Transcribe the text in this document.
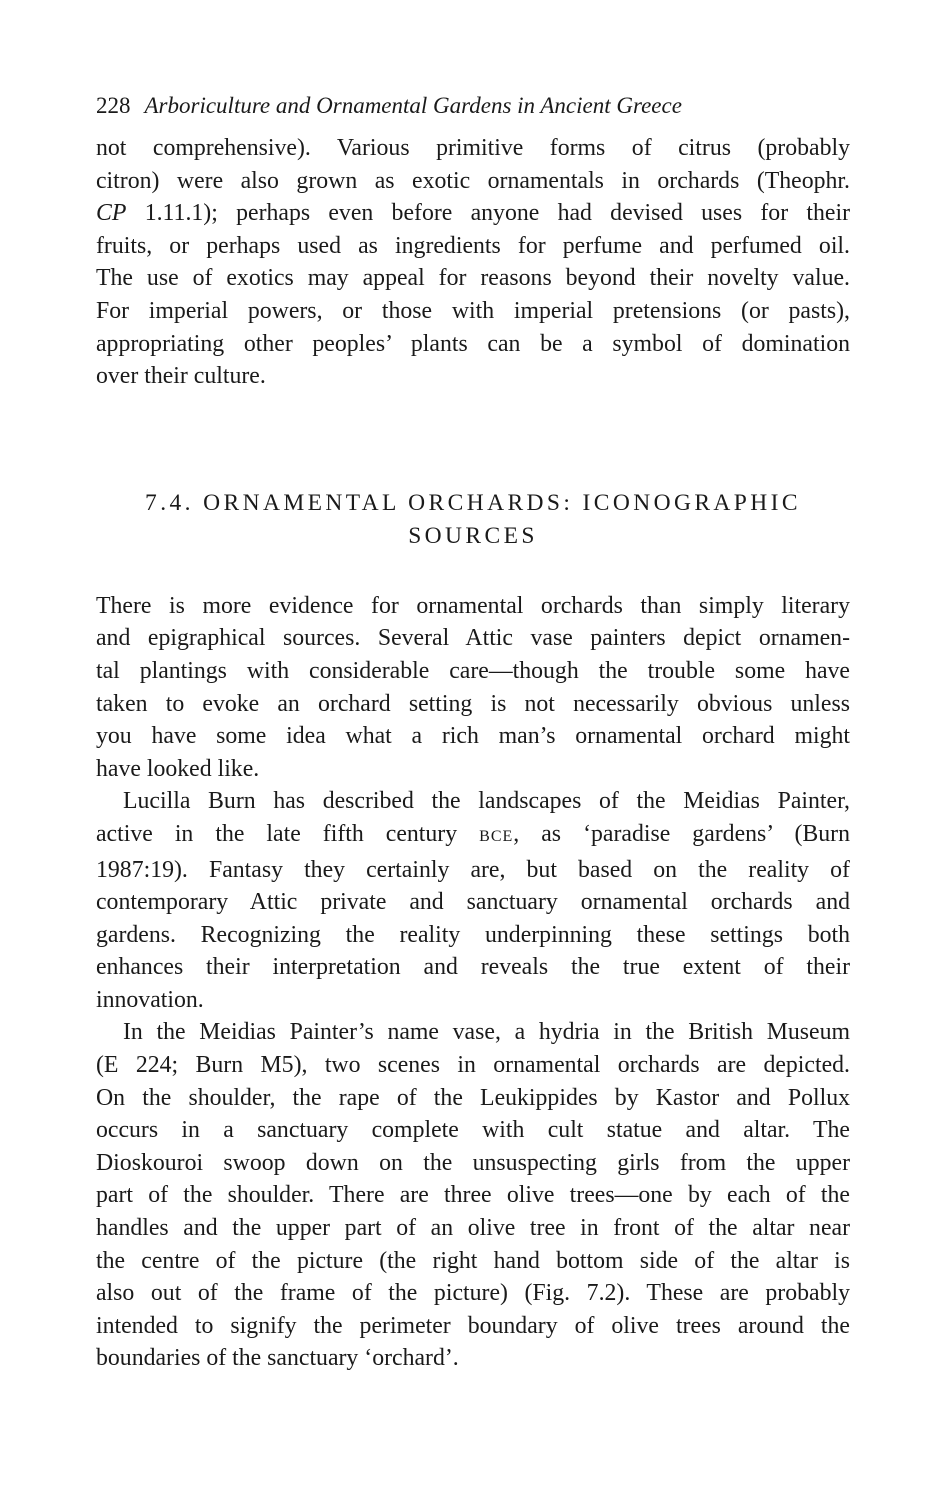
228 Arboriculture and Ornamental Gardens in Ancient Greece
not comprehensive). Various primitive forms of citrus (probably
citron) were also grown as exotic ornamentals in orchards (Theophr.
CP 1.11.1); perhaps even before anyone had devised uses for their
fruits, or perhaps used as ingredients for perfume and perfumed oil.
The use of exotics may appeal for reasons beyond their novelty value.
For imperial powers, or those with imperial pretensions (or pasts),
appropriating other peoples’ plants can be a symbol of domination
over their culture.
7.4. ORNAMENTAL ORCHARDS: ICONOGRAPHIC
SOURCES
There is more evidence for ornamental orchards than simply literary
and epigraphical sources. Several Attic vase painters depict ornamen-
tal plantings with considerable care—though the trouble some have
taken to evoke an orchard setting is not necessarily obvious unless
you have some idea what a rich man’s ornamental orchard might
have looked like.
Lucilla Burn has described the landscapes of the Meidias Painter,
active in the late fifth century BCE, as ‘paradise gardens’ (Burn
1987:19). Fantasy they certainly are, but based on the reality of
contemporary Attic private and sanctuary ornamental orchards and
gardens. Recognizing the reality underpinning these settings both
enhances their interpretation and reveals the true extent of their
innovation.
In the Meidias Painter’s name vase, a hydria in the British Museum
(E 224; Burn M5), two scenes in ornamental orchards are depicted.
On the shoulder, the rape of the Leukippides by Kastor and Pollux
occurs in a sanctuary complete with cult statue and altar. The
Dioskouroi swoop down on the unsuspecting girls from the upper
part of the shoulder. There are three olive trees—one by each of the
handles and the upper part of an olive tree in front of the altar near
the centre of the picture (the right hand bottom side of the altar is
also out of the frame of the picture) (Fig. 7.2). These are probably
intended to signify the perimeter boundary of olive trees around the
boundaries of the sanctuary ‘orchard’.
